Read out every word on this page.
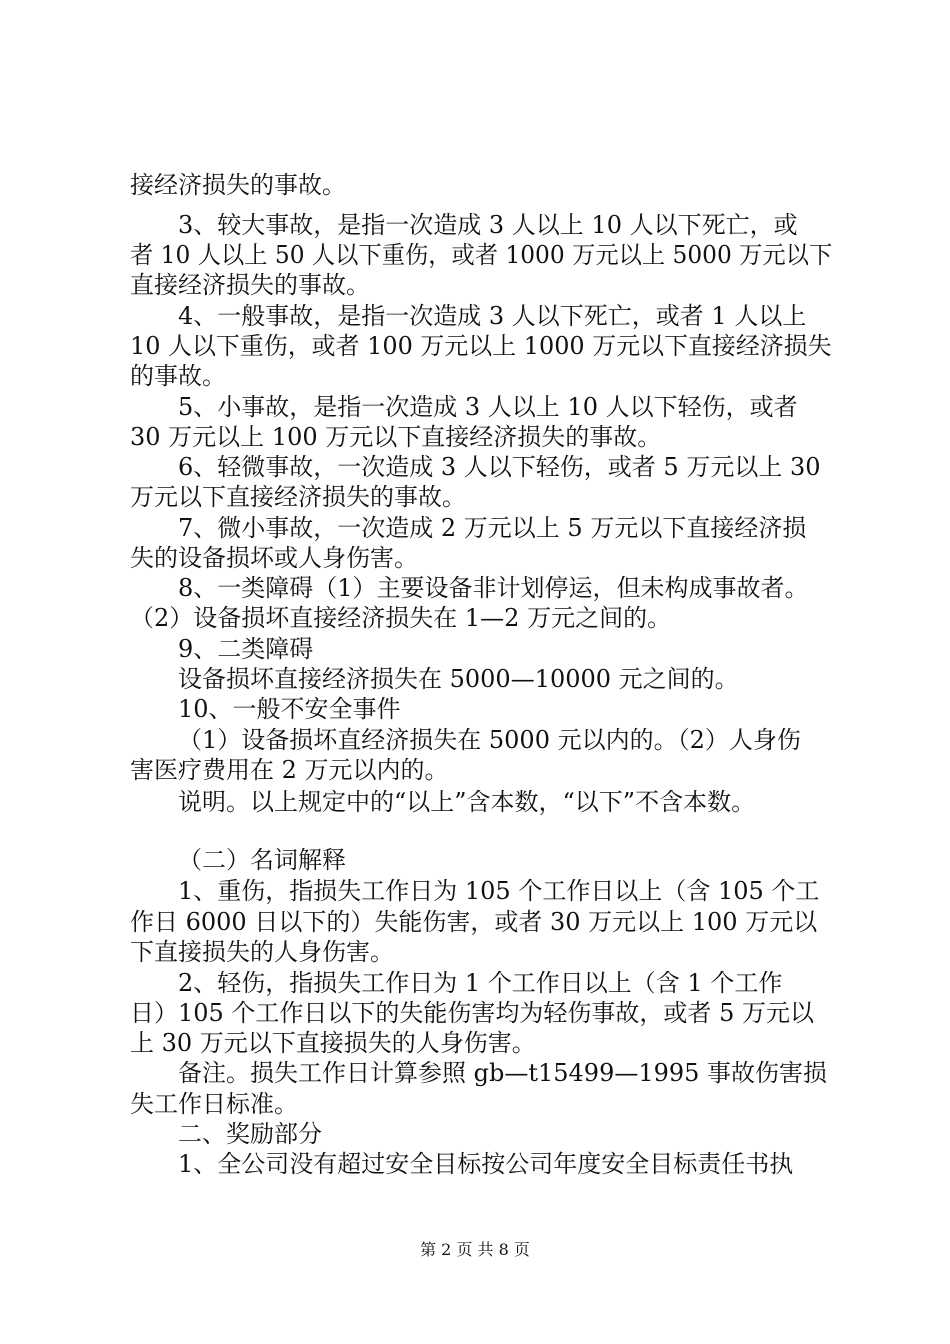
接经济损失的事故。
3、较大事故，是指一次造成 3 人以上 10 人以下死亡，或
者 10 人以上 50 人以下重伤，或者 1000 万元以上 5000 万元以下
直接经济损失的事故。
4、一般事故，是指一次造成 3 人以下死亡，或者 1 人以上
10 人以下重伤，或者 100 万元以上 1000 万元以下直接经济损失
的事故。
5、小事故，是指一次造成 3 人以上 10 人以下轻伤，或者
30 万元以上 100 万元以下直接经济损失的事故。
6、轻微事故，一次造成 3 人以下轻伤，或者 5 万元以上 30
万元以下直接经济损失的事故。
7、微小事故，一次造成 2 万元以上 5 万元以下直接经济损
失的设备损坏或人身伤害。
8、一类障碍（1）主要设备非计划停运，但未构成事故者。
（2）设备损坏直接经济损失在 1—2 万元之间的。
9、二类障碍
设备损坏直接经济损失在 5000—10000 元之间的。
10、一般不安全事件
（1）设备损坏直经济损失在 5000 元以内的。（2）人身伤
害医疗费用在 2 万元以内的。
说明。以上规定中的“以上”含本数，“以下”不含本数。
（二）名词解释
1、重伤，指损失工作日为 105 个工作日以上（含 105 个工
作日 6000 日以下的）失能伤害，或者 30 万元以上 100 万元以
下直接损失的人身伤害。
2、轻伤，指损失工作日为 1 个工作日以上（含 1 个工作
日）105 个工作日以下的失能伤害均为轻伤事故，或者 5 万元以
上 30 万元以下直接损失的人身伤害。
备注。损失工作日计算参照 gb—t15499—1995 事故伤害损
失工作日标准。
二、奖励部分
1、全公司没有超过安全目标按公司年度安全目标责任书执
第 2 页 共 8 页
